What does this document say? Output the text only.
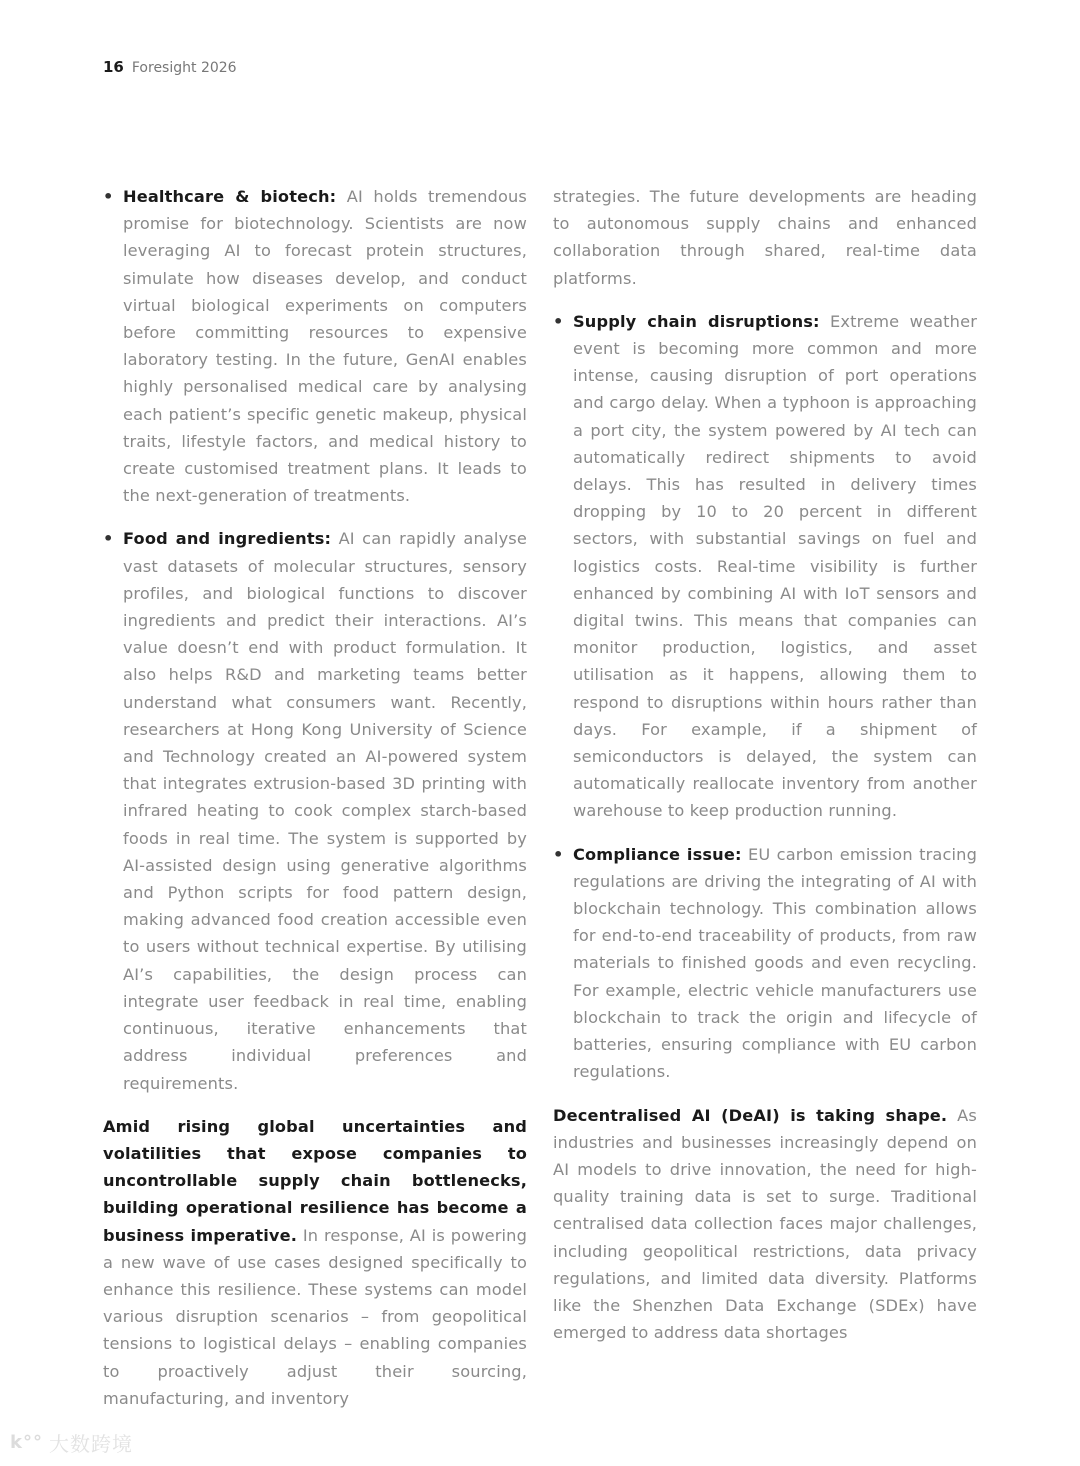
16 Foresight 2026
• Healthcare & biotech: AI holds tremendous promise for biotechnology. Scientists are now leveraging AI to forecast protein structures, simulate how diseases develop, and conduct virtual biological experiments on computers before committing resources to expensive laboratory testing. In the future, GenAI enables highly personalised medical care by analysing each patient’s specific genetic makeup, physical traits, lifestyle factors, and medical history to create customised treatment plans. It leads to the next-generation of treatments.
• Food and ingredients: AI can rapidly analyse vast datasets of molecular structures, sensory profiles, and biological functions to discover ingredients and predict their interactions. AI’s value doesn’t end with product formulation. It also helps R&D and marketing teams better understand what consumers want. Recently, researchers at Hong Kong University of Science and Technology created an AI-powered system that integrates extrusion-based 3D printing with infrared heating to cook complex starch-based foods in real time. The system is supported by AI-assisted design using generative algorithms and Python scripts for food pattern design, making advanced food creation accessible even to users without technical expertise. By utilising AI’s capabilities, the design process can integrate user feedback in real time, enabling continuous, iterative enhancements that address individual preferences and requirements.

Amid rising global uncertainties and volatilities that expose companies to uncontrollable supply chain bottlenecks, building operational resilience has become a business imperative. In response, AI is powering a new wave of use cases designed specifically to enhance this resilience. These systems can model various disruption scenarios – from geopolitical tensions to logistical delays – enabling companies to proactively adjust their sourcing, manufacturing, and inventory

strategies. The future developments are heading to autonomous supply chains and enhanced collaboration through shared, real-time data platforms.

• Supply chain disruptions: Extreme weather event is becoming more common and more intense, causing disruption of port operations and cargo delay. When a typhoon is approaching a port city, the system powered by AI tech can automatically redirect shipments to avoid delays. This has resulted in delivery times dropping by 10 to 20 percent in different sectors, with substantial savings on fuel and logistics costs. Real-time visibility is further enhanced by combining AI with IoT sensors and digital twins. This means that companies can monitor production, logistics, and asset utilisation as it happens, allowing them to respond to disruptions within hours rather than days. For example, if a shipment of semiconductors is delayed, the system can automatically reallocate inventory from another warehouse to keep production running.
• Compliance issue: EU carbon emission tracing regulations are driving the integrating of AI with blockchain technology. This combination allows for end-to-end traceability of products, from raw materials to finished goods and even recycling. For example, electric vehicle manufacturers use blockchain to track the origin and lifecycle of batteries, ensuring compliance with EU carbon regulations.

Decentralised AI (DeAI) is taking shape. As industries and businesses increasingly depend on AI models to drive innovation, the need for high-quality training data is set to surge. Traditional centralised data collection faces major challenges, including geopolitical restrictions, data privacy regulations, and limited data diversity. Platforms like the Shenzhen Data Exchange (SDEx) have emerged to address data shortages

k°° 大数跨境
